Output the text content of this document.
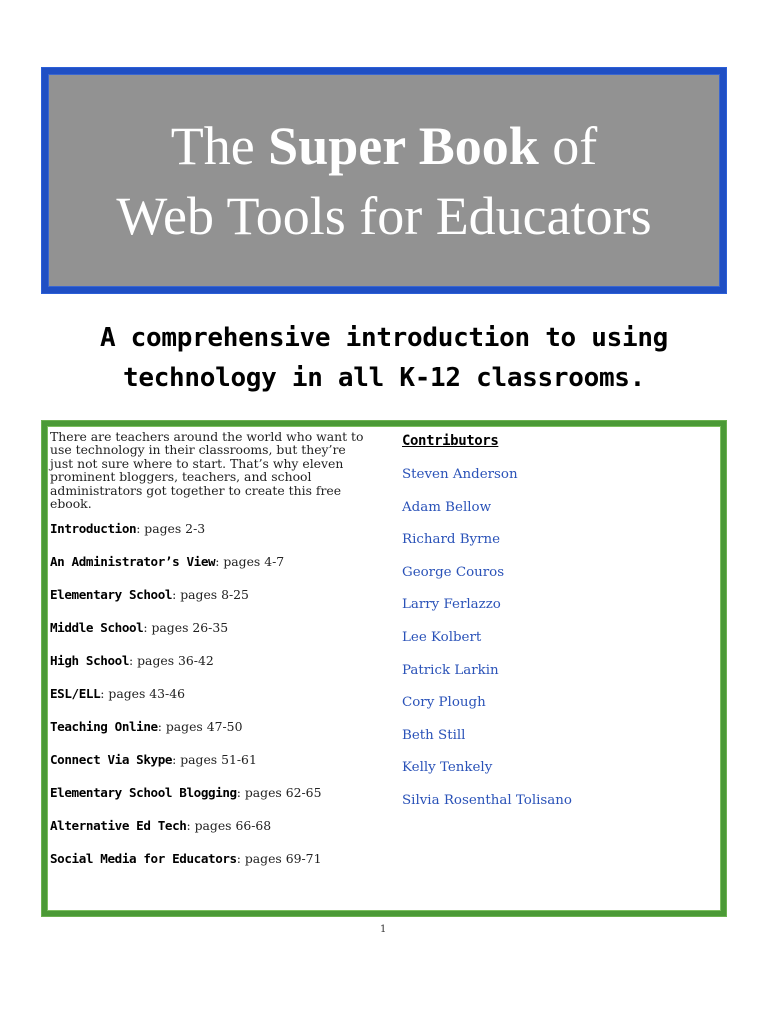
The Super Book of
Web Tools for Educators
A comprehensive introduction to using
technology in all K-12 classrooms.

There are teachers around the world who want to use technology in their classrooms, but they’re just not sure where to start. That’s why eleven prominent bloggers, teachers, and school administrators got together to create this free ebook.

Introduction: pages 2-3
An Administrator’s View: pages 4-7
Elementary School: pages 8-25
Middle School: pages 26-35
High School: pages 36-42
ESL/ELL: pages 43-46
Teaching Online: pages 47-50
Connect Via Skype: pages 51-61
Elementary School Blogging: pages 62-65
Alternative Ed Tech: pages 66-68
Social Media for Educators: pages 69-71
Contributors
Steven Anderson
Adam Bellow
Richard Byrne
George Couros
Larry Ferlazzo
Lee Kolbert
Patrick Larkin
Cory Plough
Beth Still
Kelly Tenkely
Silvia Rosenthal Tolisano
1
